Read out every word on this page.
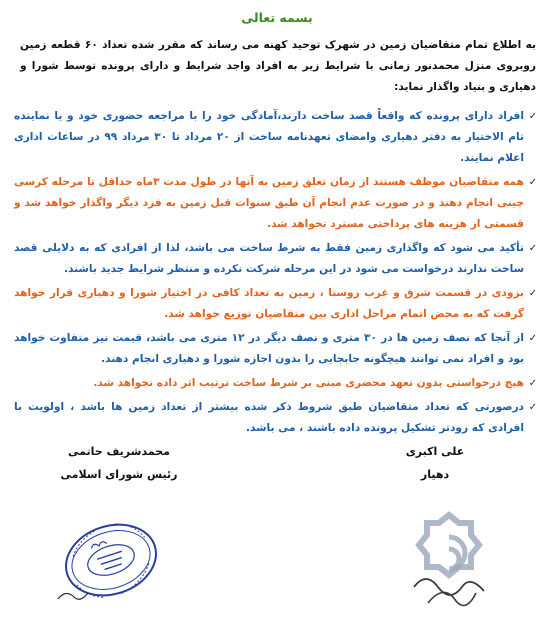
بسمه تعالی
به اطلاع تمام متقاضیان زمین در شهرک توحید کهنه می رساند که مقرر شده تعداد ۶۰ قطعه زمین روبروی منزل محمدنور زمانی با شرایط زیر به افراد واجد شرایط و دارای پرونده توسط شورا و دهیاری و بنیاد واگذار نماید:
✓
افراد دارای پرونده که واقعاً قصد ساخت دارند،آمادگی خود را با مراجعه حضوری خود و یا نماینده تام الاختیار به دفتر دهیاری وامضای تعهدنامه ساخت از ۲۰ مرداد تا ۳۰ مرداد ۹۹ در ساعات اداری اعلام نمایند.
✓
همه متقاضیان موظف هستند از زمان تعلق زمین به آنها در طول مدت ۳ماه حداقل تا مرحله کرسی چینی انجام دهند و در صورت عدم انجام آن طبق سنوات قبل زمین به فرد دیگر واگذار خواهد شد و قسمتی از هزینه های پرداختی مسترد نخواهد شد.
✓
تأکید می شود که واگذاری زمین فقط به شرط ساخت می باشد، لذا از افرادی که به دلایلی قصد ساخت ندارند درخواست می شود در این مرحله شرکت نکرده و منتظر شرایط جدید باشند.
✓
بزودی در قسمت شرق و غرب روستا ، زمین به تعداد کافی در اختیار شورا و دهیاری قرار خواهد گرفت که به محض اتمام مراحل اداری بین متقاضیان توزیع خواهد شد.
✓
از آنجا که نصف زمین ها در ۳۰ متری و نصف دیگر در ۱۲ متری می باشد، قیمت نیز متفاوت خواهد بود و افراد نمی توانند هیچگونه جابجایی را بدون اجازه شورا و دهیاری انجام دهند.
✓
هیچ درخواستی بدون تعهد محضری مبنی بر شرط ساخت ترتیب اثر داده نخواهد شد.
✓
درصورتی که تعداد متقاضیان طبق شروط ذکر شده بیشتر از تعداد زمین ها باشد ، اولویت با افرادی که زودتر تشکیل پرونده داده باشند ، می باشد.
علی اکبری
دهیار
محمدشریف حاتمی
رئیس شورای اسلامی
